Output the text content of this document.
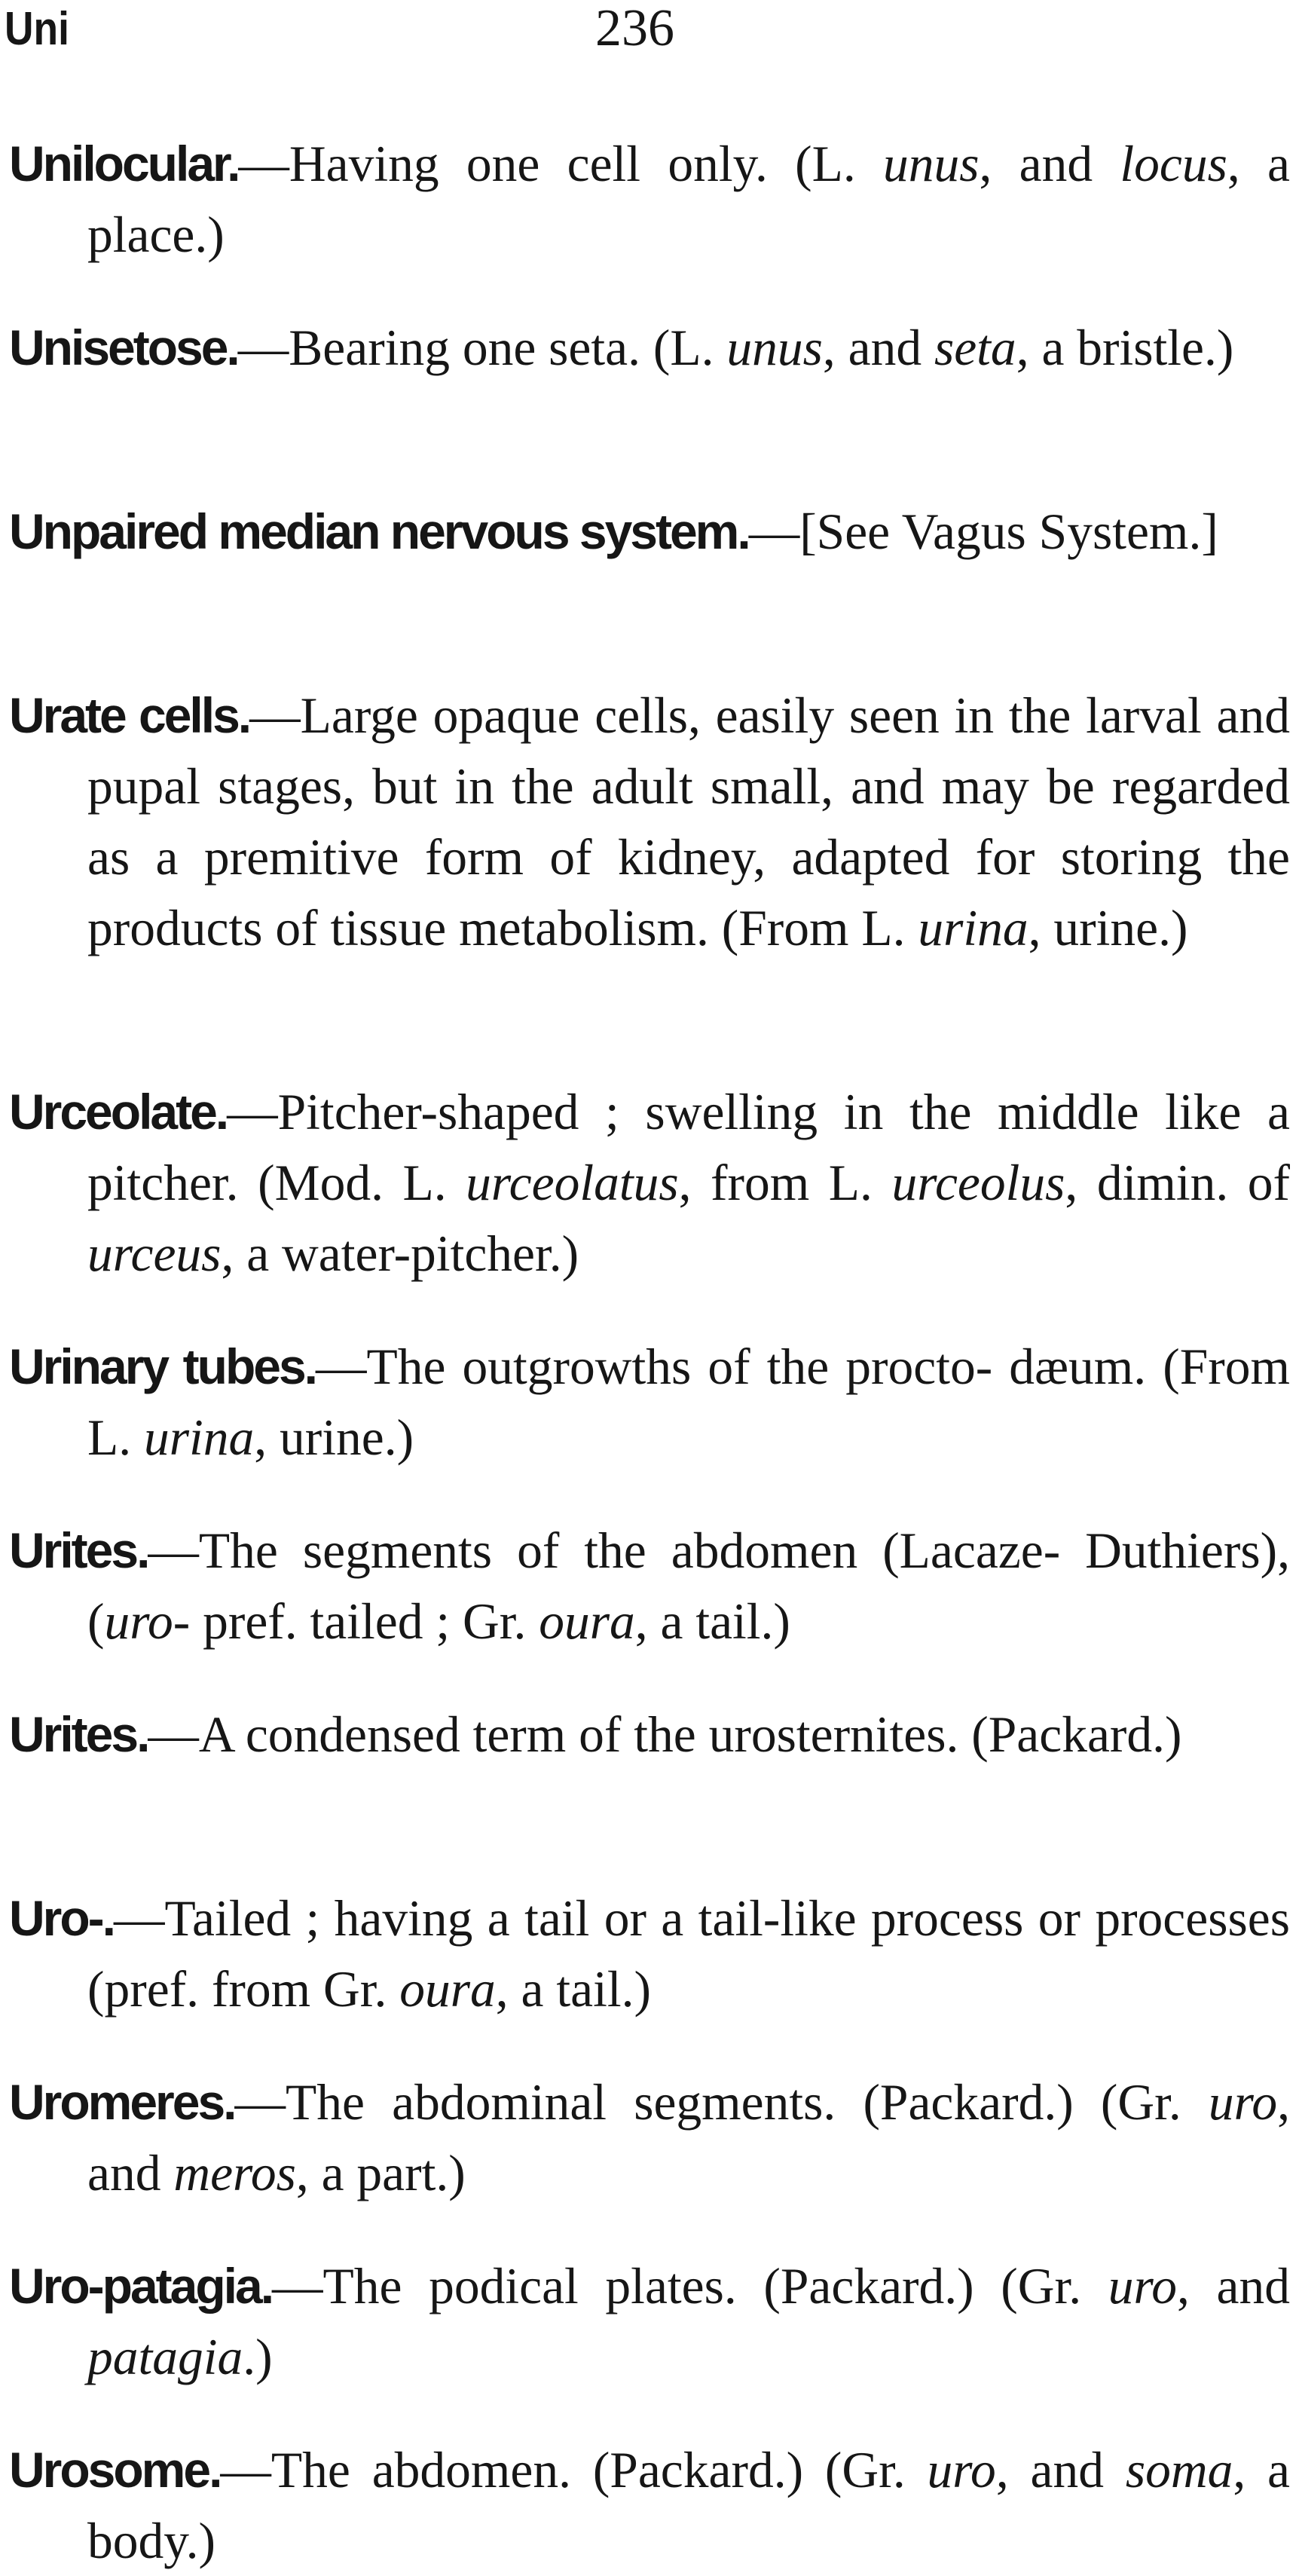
Uni	236

Unilocular.—Having one cell only. (L. unus, and locus, a place.)

Unisetose.—Bearing one seta. (L. unus, and seta, a bristle.)

Unpaired median nervous system.—[See Vagus System.]

Urate cells.—Large opaque cells, easily seen in the larval and pupal stages, but in the adult small, and may be regarded as a premitive form of kidney, adapted for storing the products of tissue metabolism. (From L. urina, urine.)

Urceolate.—Pitcher-shaped ; swelling in the middle like a pitcher. (Mod. L. urceolatus, from L. urceolus, dimin. of urceus, a water-pitcher.)

Urinary tubes.—The outgrowths of the procto- dæum. (From L. urina, urine.)

Urites.—The segments of the abdomen (Lacaze- Duthiers), (uro- pref. tailed ; Gr. oura, a tail.)

Urites.—A condensed term of the urosternites. (Packard.)

Uro-.—Tailed ; having a tail or a tail-like process or processes (pref. from Gr. oura, a tail.)

Uromeres.—The abdominal segments. (Packard.) (Gr. uro, and meros, a part.)

Uro-patagia.—The podical plates. (Packard.) (Gr. uro, and patagia.)

Urosome.—The abdomen. (Packard.) (Gr. uro, and soma, a body.)
